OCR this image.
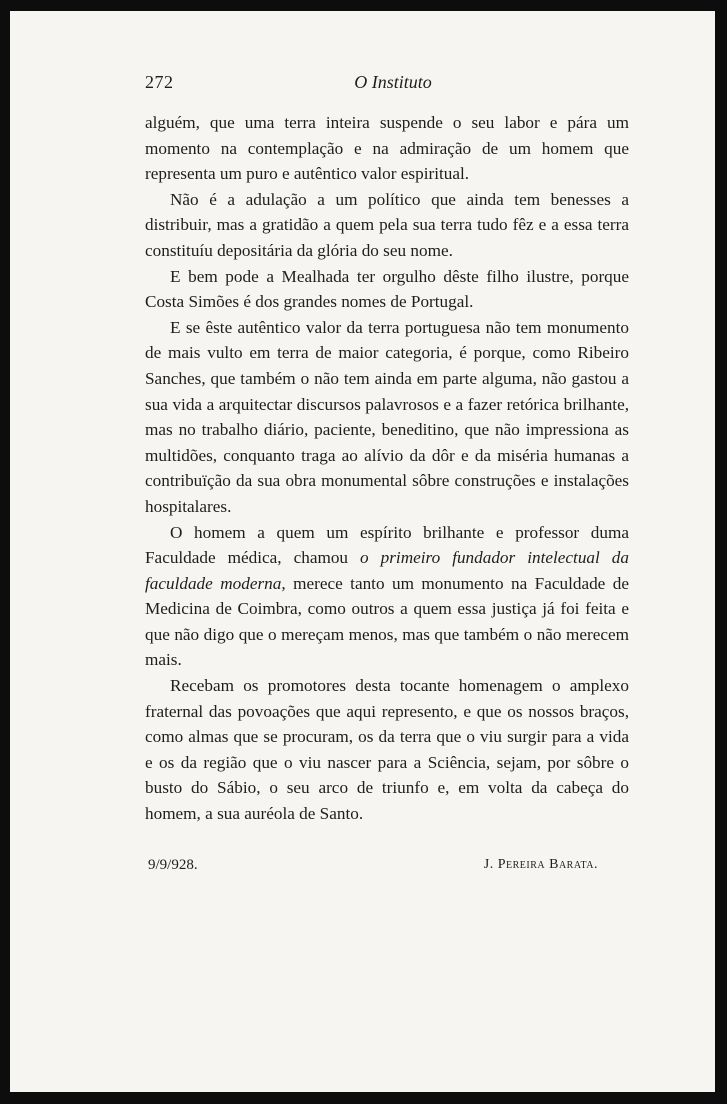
272	O Instituto

alguém, que uma terra inteira suspende o seu labor e pára um momento na contemplação e na admiração de um homem que representa um puro e autêntico valor espiritual.

Não é a adulação a um político que ainda tem benesses a distribuir, mas a gratidão a quem pela sua terra tudo fêz e a essa terra constituíu depositária da glória do seu nome.

E bem pode a Mealhada ter orgulho dêste filho ilustre, porque Costa Simões é dos grandes nomes de Portugal.

E se êste autêntico valor da terra portuguesa não tem monumento de mais vulto em terra de maior categoria, é porque, como Ribeiro Sanches, que também o não tem ainda em parte alguma, não gastou a sua vida a arquitectar discursos palavrosos e a fazer retórica brilhante, mas no trabalho diário, paciente, beneditino, que não impressiona as multidões, conquanto traga ao alívio da dôr e da miséria humanas a contribuïção da sua obra monumental sôbre construções e instalações hospitalares.

O homem a quem um espírito brilhante e professor duma Faculdade médica, chamou o primeiro fundador intelectual da faculdade moderna, merece tanto um monumento na Faculdade de Medicina de Coimbra, como outros a quem essa justiça já foi feita e que não digo que o mereçam menos, mas que também o não merecem mais.

Recebam os promotores desta tocante homenagem o amplexo fraternal das povoações que aqui represento, e que os nossos braços, como almas que se procuram, os da terra que o viu surgir para a vida e os da região que o viu nascer para a Sciência, sejam, por sôbre o busto do Sábio, o seu arco de triunfo e, em volta da cabeça do homem, a sua auréola de Santo.

9/9/928.	J. Pereira Barata.
